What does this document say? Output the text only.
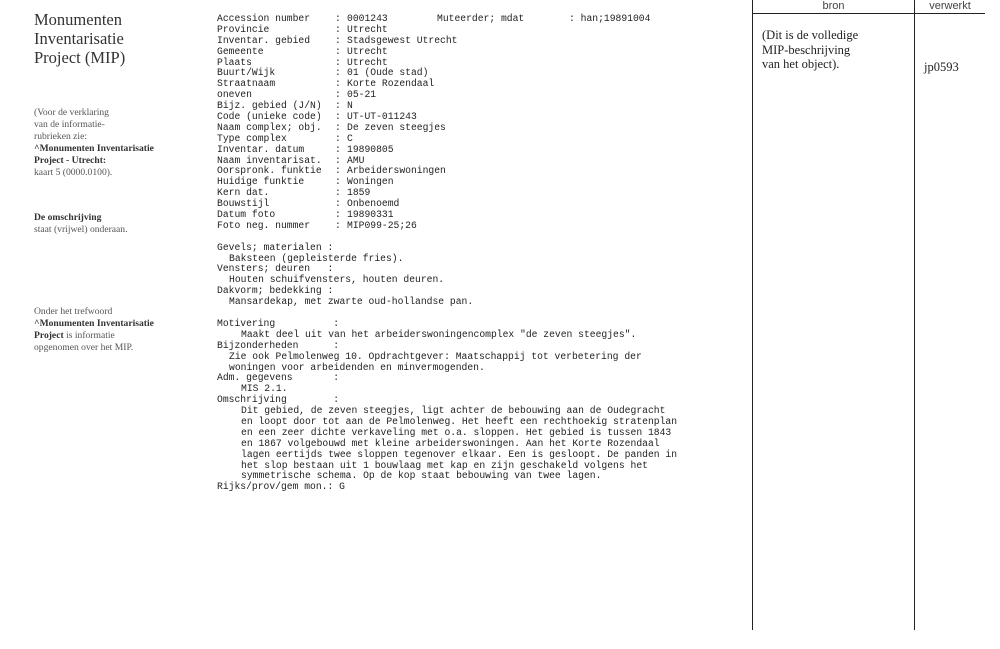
Monumenten
Inventarisatie
Project (MIP)
(Voor de verklaring
van de informatie-
rubrieken zie:
^Monumenten Inventarisatie
Project - Utrecht:
kaart 5 (0000.0100).
De omschrijving
staat (vrijwel) onderaan.
Onder het trefwoord
^Monumenten Inventarisatie
Project is informatie
opgenomen over het MIP.
Muteerder; mdat	: han;19891004
Accession number	: 0001243
Provincie	: Utrecht
Inventar. gebied	: Stadsgewest Utrecht
Gemeente	: Utrecht
Plaats	: Utrecht
Buurt/Wijk	: 01 (Oude stad)
Straatnaam	: Korte Rozendaal
oneven	: 05-21
Bijz. gebied (J/N)	: N
Code (unieke code)	: UT-UT-011243
Naam complex; obj.	: De zeven steegjes
Type complex	: C
Inventar. datum	: 19890805
Naam inventarisat.	: AMU
Oorspronk. funktie	: Arbeiderswoningen
Huidige funktie	: Woningen
Kern dat.	: 1859
Bouwstijl	: Onbenoemd
Datum foto	: 19890331
Foto neg. nummer	: MIP099-25;26
Gevels; materialen :
Baksteen (gepleisterde fries).
Vensters; deuren   :
Houten schuifvensters, houten deuren.
Dakvorm; bedekking :
Mansardekap, met zwarte oud-hollandse pan.
Motivering          :
Maakt deel uit van het arbeiderswoningencomplex "de zeven steegjes".
Bijzonderheden      :
Zie ook Pelmolenweg 10. Opdrachtgever: Maatschappij tot verbetering der
woningen voor arbeidenden en minvermogenden.
Adm. gegevens       :
MIS 2.1.
Omschrijving        :
Dit gebied, de zeven steegjes, ligt achter de bebouwing aan de Oudegracht
en loopt door tot aan de Pelmolenweg. Het heeft een rechthoekig stratenplan
en een zeer dichte verkaveling met o.a. sloppen. Het gebied is tussen 1843
en 1867 volgebouwd met kleine arbeiderswoningen. Aan het Korte Rozendaal
lagen eertijds twee sloppen tegenover elkaar. Een is gesloopt. De panden in
het slop bestaan uit 1 bouwlaag met kap en zijn geschakeld volgens het
symmetrische schema. Op de kop staat bebouwing van twee lagen.
Rijks/prov/gem mon.: G
bron	verwerkt
(Dit is de volledige
MIP-beschrijving
van het object).	jp0593
